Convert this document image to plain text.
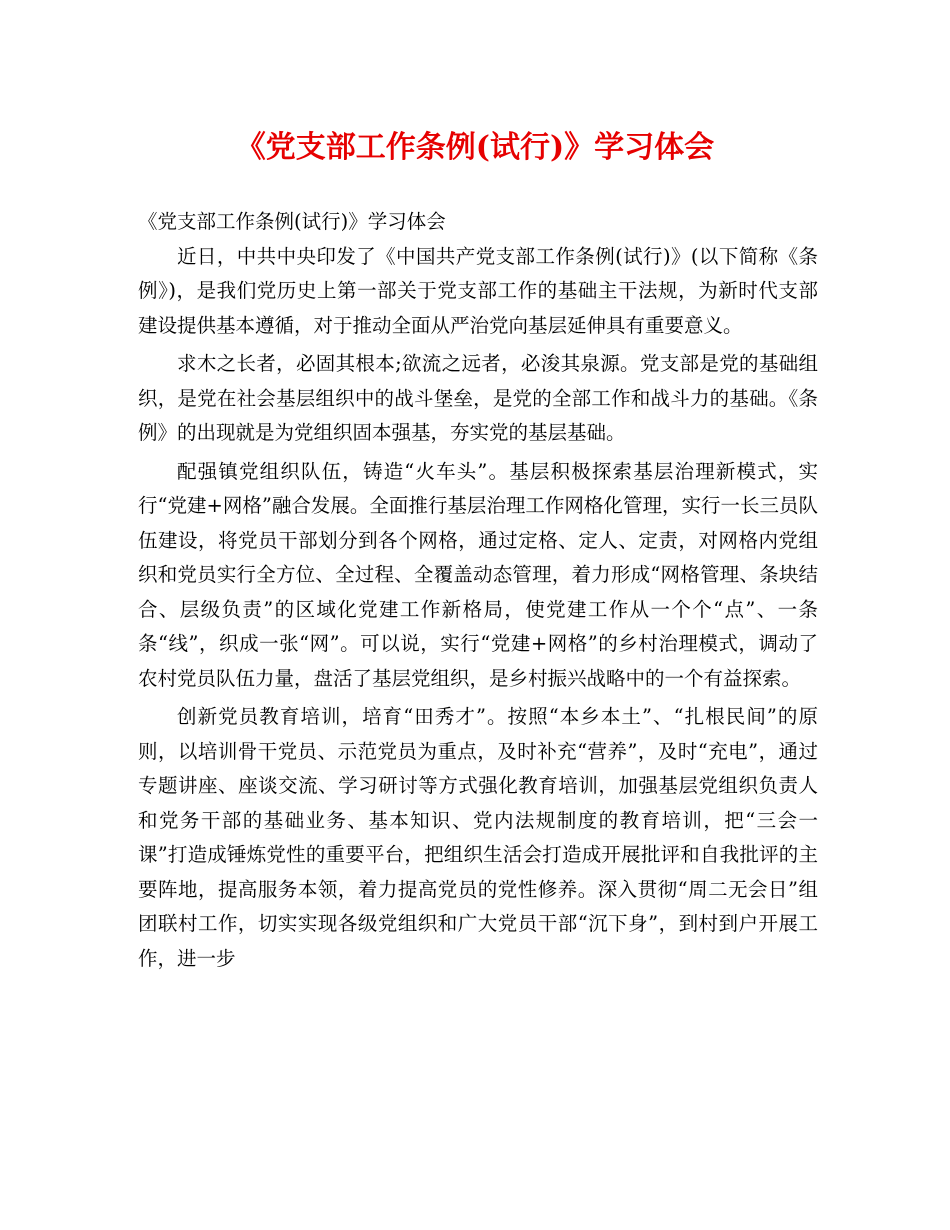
《党支部工作条例(试行)》学习体会

《党支部工作条例(试行)》学习体会

近日，中共中央印发了《中国共产党支部工作条例(试行)》(以下简称《条例》)，是我们党历史上第一部关于党支部工作的基础主干法规，为新时代支部建设提供基本遵循，对于推动全面从严治党向基层延伸具有重要意义。

求木之长者，必固其根本;欲流之远者，必浚其泉源。党支部是党的基础组织，是党在社会基层组织中的战斗堡垒，是党的全部工作和战斗力的基础。《条例》的出现就是为党组织固本强基，夯实党的基层基础。

配强镇党组织队伍，铸造“火车头”。基层积极探索基层治理新模式，实行“党建+网格”融合发展。全面推行基层治理工作网格化管理，实行一长三员队伍建设，将党员干部划分到各个网格，通过定格、定人、定责，对网格内党组织和党员实行全方位、全过程、全覆盖动态管理，着力形成“网格管理、条块结合、层级负责”的区域化党建工作新格局，使党建工作从一个个“点”、一条条“线”，织成一张“网”。可以说，实行“党建+网格”的乡村治理模式，调动了农村党员队伍力量，盘活了基层党组织，是乡村振兴战略中的一个有益探索。

创新党员教育培训，培育“田秀才”。按照“本乡本土”、“扎根民间”的原则，以培训骨干党员、示范党员为重点，及时补充“营养”，及时“充电”，通过专题讲座、座谈交流、学习研讨等方式强化教育培训，加强基层党组织负责人和党务干部的基础业务、基本知识、党内法规制度的教育培训，把“三会一课”打造成锤炼党性的重要平台，把组织生活会打造成开展批评和自我批评的主要阵地，提高服务本领，着力提高党员的党性修养。深入贯彻“周二无会日”组团联村工作，切实实现各级党组织和广大党员干部“沉下身”，到村到户开展工作，进一步
